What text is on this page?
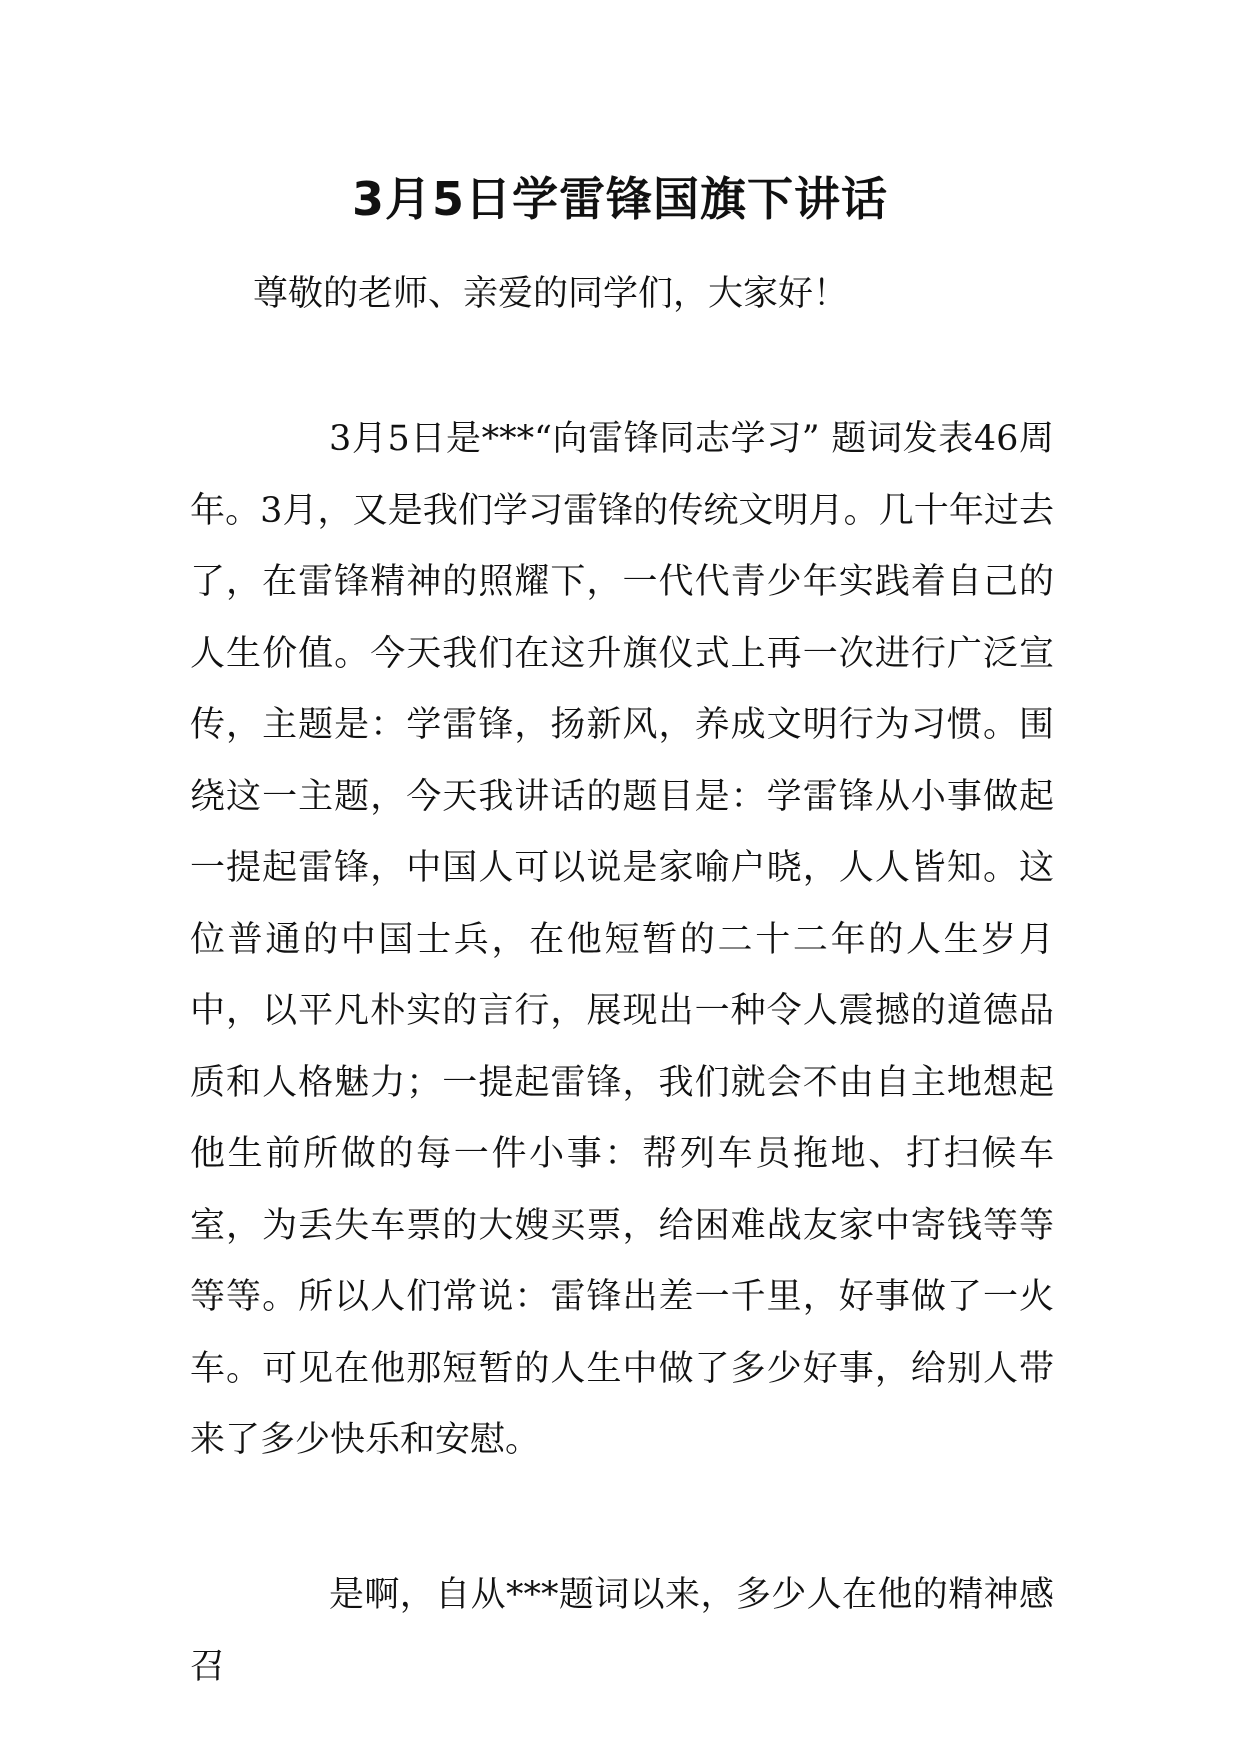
3月5日学雷锋国旗下讲话

尊敬的老师、亲爱的同学们，大家好！

3月5日是***“向雷锋同志学习” 题词发表46周年。3月，又是我们学习雷锋的传统文明月。几十年过去了，在雷锋精神的照耀下，一代代青少年实践着自己的人生价值。今天我们在这升旗仪式上再一次进行广泛宣传，主题是：学雷锋，扬新风，养成文明行为习惯。围绕这一主题，今天我讲话的题目是：学雷锋从小事做起一提起雷锋，中国人可以说是家喻户晓，人人皆知。这位普通的中国士兵，在他短暂的二十二年的人生岁月中，以平凡朴实的言行，展现出一种令人震撼的道德品质和人格魅力；一提起雷锋，我们就会不由自主地想起他生前所做的每一件小事：帮列车员拖地、打扫候车室，为丢失车票的大嫂买票，给困难战友家中寄钱等等等等。所以人们常说：雷锋出差一千里，好事做了一火车。可见在他那短暂的人生中做了多少好事，给别人带来了多少快乐和安慰。

是啊，自从***题词以来，多少人在他的精神感召
